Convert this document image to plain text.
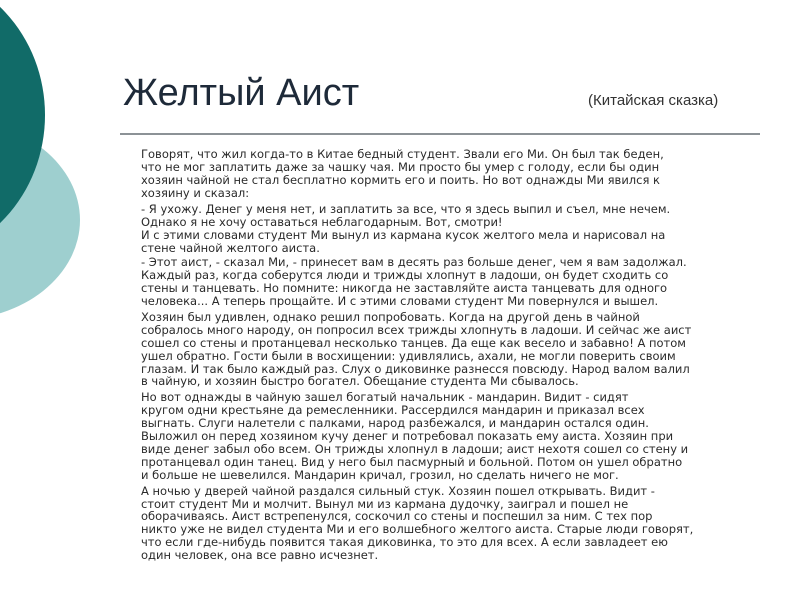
Желтый Аист	(Китайская сказка)

Говорят, что жил когда-то в Китае бедный студент. Звали его Ми. Он был так беден,
что не мог заплатить даже за чашку чая. Ми просто бы умер с голоду, если бы один
хозяин чайной не стал бесплатно кормить его и поить. Но вот однажды Ми явился к
хозяину и сказал:

- Я ухожу. Денег у меня нет, и заплатить за все, что я здесь выпил и съел, мне нечем.
Однако я не хочу оставаться неблагодарным. Вот, смотри!

И с этими словами студент Ми вынул из кармана кусок желтого мела и нарисовал на
стене чайной желтого аиста.

- Этот аист, - сказал Ми, - принесет вам в десять раз больше денег, чем я вам задолжал.
Каждый раз, когда соберутся люди и трижды хлопнут в ладоши, он будет сходить со
стены и танцевать. Но помните: никогда не заставляйте аиста танцевать для одного
человека... А теперь прощайте. И с этими словами студент Ми повернулся и вышел.

Хозяин был удивлен, однако решил попробовать. Когда на другой день в чайной
собралось много народу, он попросил всех трижды хлопнуть в ладоши. И сейчас же аист
сошел со стены и протанцевал несколько танцев. Да еще как весело и забавно! А потом
ушел обратно. Гости были в восхищении: удивлялись, ахали, не могли поверить своим
глазам. И так было каждый раз. Слух о диковинке разнесся повсюду. Народ валом валил
в чайную, и хозяин быстро богател. Обещание студента Ми сбывалось.

Но вот однажды в чайную зашел богатый начальник - мандарин. Видит - сидят
кругом одни крестьяне да ремесленники. Рассердился мандарин и приказал всех
выгнать. Слуги налетели с палками, народ разбежался, и мандарин остался один.
Выложил он перед хозяином кучу денег и потребовал показать ему аиста. Хозяин при
виде денег забыл обо всем. Он трижды хлопнул в ладоши; аист нехотя сошел со стену и
протанцевал один танец. Вид у него был пасмурный и больной. Потом он ушел обратно
и больше не шевелился. Мандарин кричал, грозил, но сделать ничего не мог.

А ночью у дверей чайной раздался сильный стук. Хозяин пошел открывать. Видит -
стоит студент Ми и молчит. Вынул ми из кармана дудочку, заиграл и пошел не
оборачиваясь. Аист встрепенулся, соскочил со стены и поспешил за ним. С тех пор
никто уже не видел студента Ми и его волшебного желтого аиста. Старые люди говорят,
что если где-нибудь появится такая диковинка, то это для всех. А если завладеет ею
один человек, она все равно исчезнет.
